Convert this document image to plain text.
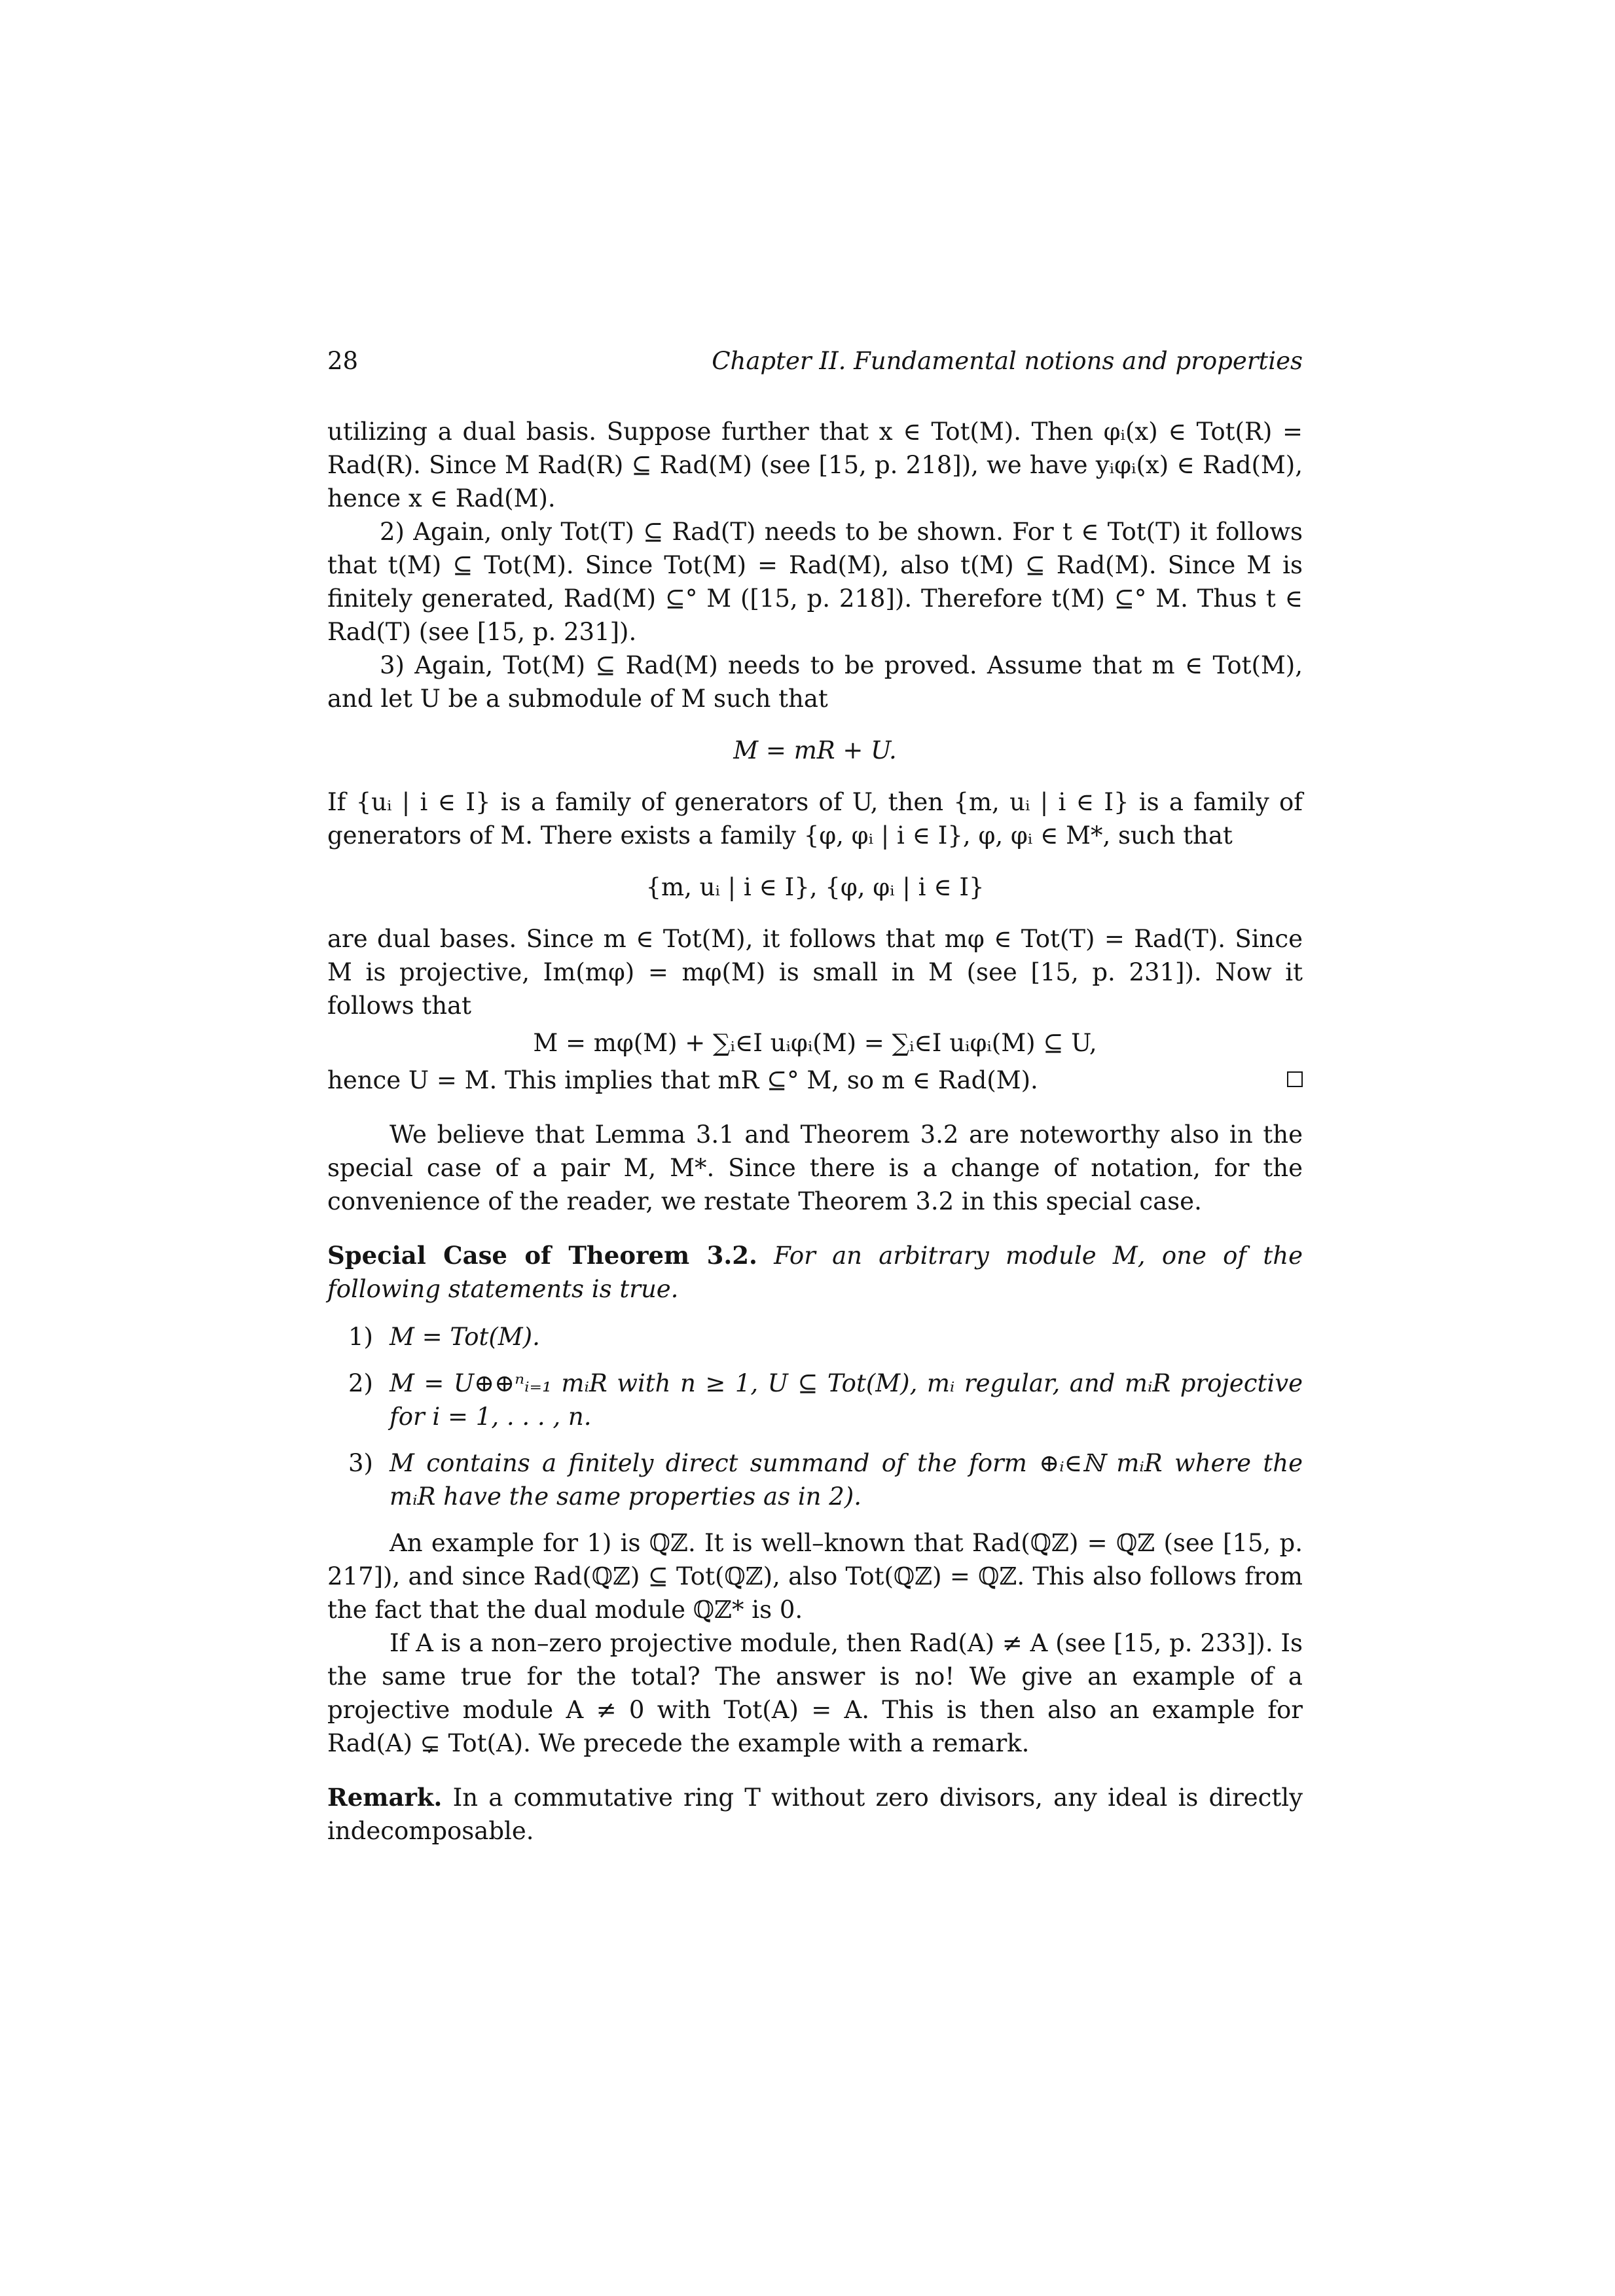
28	Chapter II. Fundamental notions and properties

utilizing a dual basis. Suppose further that x ∈ Tot(M). Then φᵢ(x) ∈ Tot(R) = Rad(R). Since M Rad(R) ⊆ Rad(M) (see [15, p. 218]), we have yᵢφᵢ(x) ∈ Rad(M), hence x ∈ Rad(M).

2) Again, only Tot(T) ⊆ Rad(T) needs to be shown. For t ∈ Tot(T) it follows that t(M) ⊆ Tot(M). Since Tot(M) = Rad(M), also t(M) ⊆ Rad(M). Since M is finitely generated, Rad(M) ⊆° M ([15, p. 218]). Therefore t(M) ⊆° M. Thus t ∈ Rad(T) (see [15, p. 231]).

3) Again, Tot(M) ⊆ Rad(M) needs to be proved. Assume that m ∈ Tot(M), and let U be a submodule of M such that

M = mR + U.

If {uᵢ | i ∈ I} is a family of generators of U, then {m, uᵢ | i ∈ I} is a family of generators of M. There exists a family {φ, φᵢ | i ∈ I}, φ, φᵢ ∈ M*, such that

{m, uᵢ | i ∈ I}, {φ, φᵢ | i ∈ I}

are dual bases. Since m ∈ Tot(M), it follows that mφ ∈ Tot(T) = Rad(T). Since M is projective, Im(mφ) = mφ(M) is small in M (see [15, p. 231]). Now it follows that

M = mφ(M) + ∑ᵢ∈I uᵢφᵢ(M) = ∑ᵢ∈I uᵢφᵢ(M) ⊆ U,
hence U = M. This implies that mR ⊆° M, so m ∈ Rad(M).

We believe that Lemma 3.1 and Theorem 3.2 are noteworthy also in the special case of a pair M, M*. Since there is a change of notation, for the convenience of the reader, we restate Theorem 3.2 in this special case.

Special Case of Theorem 3.2. For an arbitrary module M, one of the following statements is true.

1) M = Tot(M).
2) M = U⊕⊕ⁿᵢ₌₁ mᵢR with n ≥ 1, U ⊆ Tot(M), mᵢ regular, and mᵢR projective for i = 1, . . . , n.
3) M contains a finitely direct summand of the form ⊕ᵢ∈ℕ mᵢR where the mᵢR have the same properties as in 2).

An example for 1) is ℚℤ. It is well–known that Rad(ℚℤ) = ℚℤ (see [15, p. 217]), and since Rad(ℚℤ) ⊆ Tot(ℚℤ), also Tot(ℚℤ) = ℚℤ. This also follows from the fact that the dual module ℚℤ* is 0.

If A is a non–zero projective module, then Rad(A) ≠ A (see [15, p. 233]). Is the same true for the total? The answer is no! We give an example of a projective module A ≠ 0 with Tot(A) = A. This is then also an example for Rad(A) ⊊ Tot(A). We precede the example with a remark.

Remark. In a commutative ring T without zero divisors, any ideal is directly indecomposable.
